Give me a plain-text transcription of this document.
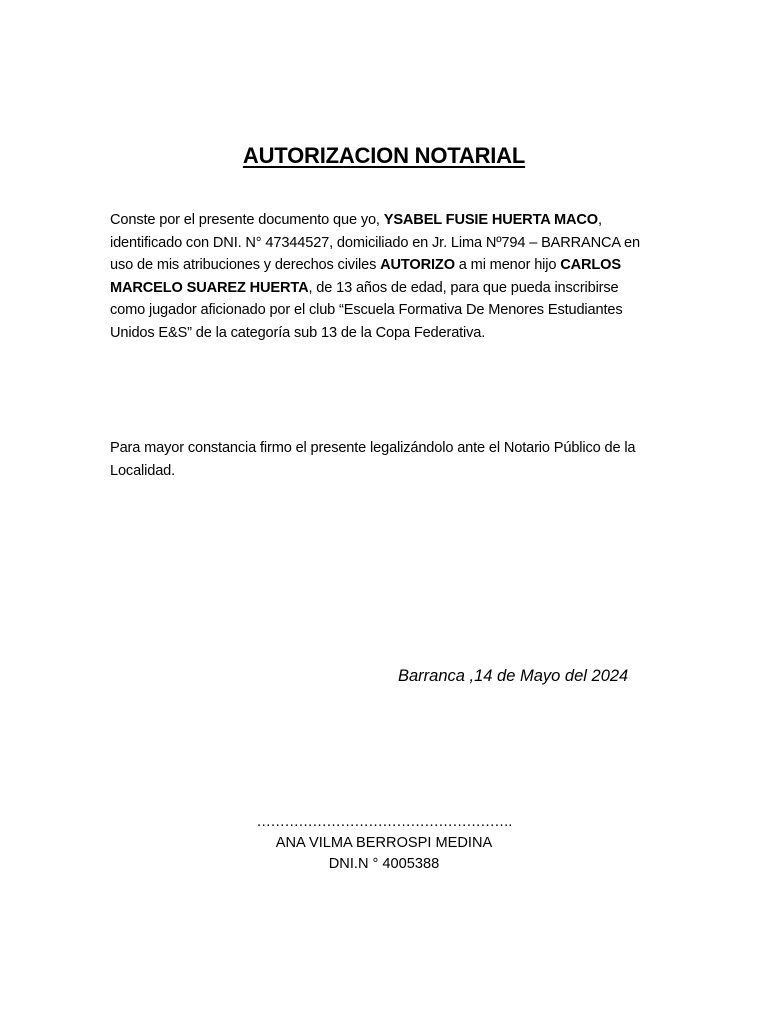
AUTORIZACION NOTARIAL
Conste por el presente documento que yo, YSABEL FUSIE HUERTA MACO, identificado con DNI. N° 47344527, domiciliado en Jr. Lima Nº794 – BARRANCA en uso de mis atribuciones y derechos civiles AUTORIZO a mi menor hijo CARLOS MARCELO SUAREZ HUERTA, de 13 años de edad, para que pueda inscribirse como jugador aficionado por el club “Escuela Formativa De Menores Estudiantes Unidos E&S” de la categoría sub 13 de la Copa Federativa.
Para mayor constancia firmo el presente legalizándolo ante el Notario Público de la Localidad.
Barranca ,14 de Mayo del 2024
……………………………………………….
ANA VILMA BERROSPI MEDINA
DNI.N ° 4005388
